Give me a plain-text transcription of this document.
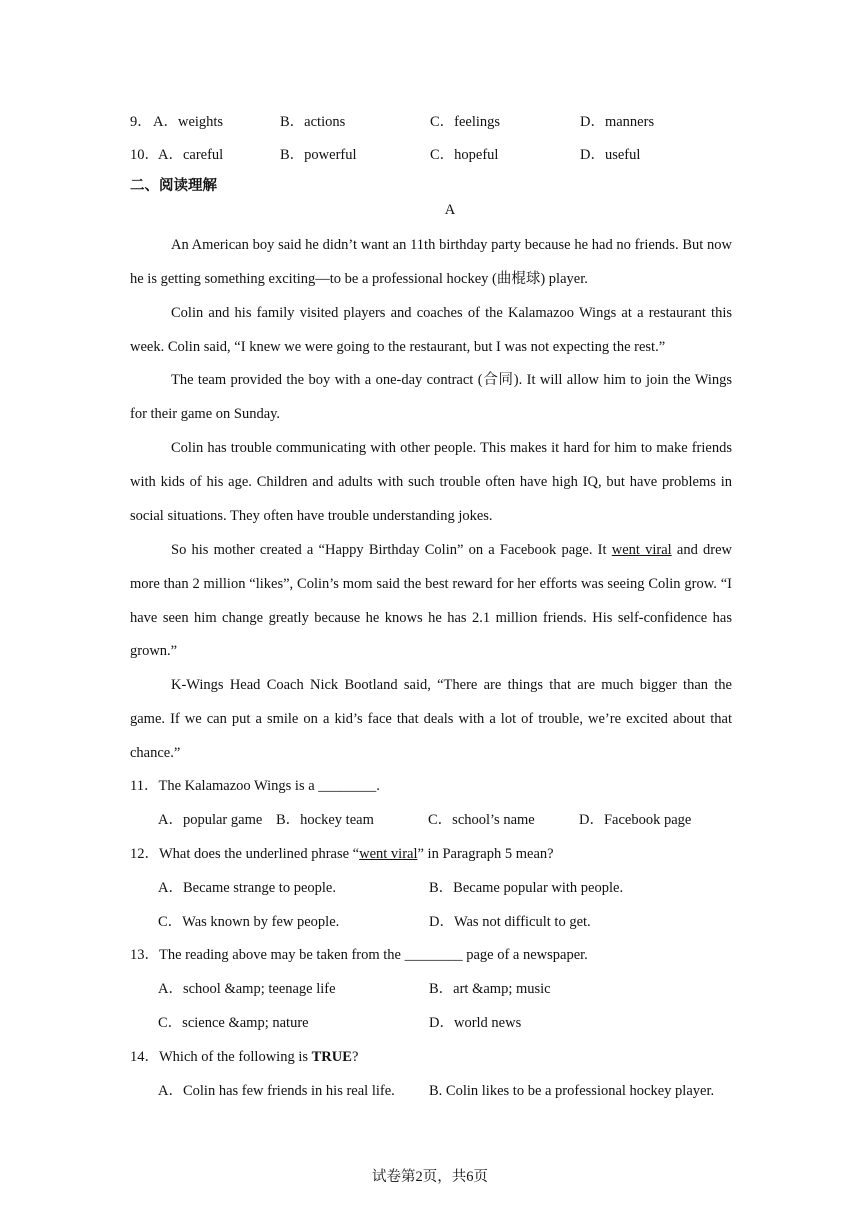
9． A．weights	B．actions	C．feelings	D．manners
10． A．careful	B．powerful	C．hopeful	D．useful
二、阅读理解
A

An American boy said he didn’t want an 11th birthday party because he had no friends. But now he is getting something exciting—to be a professional hockey (曲棍球) player.

Colin and his family visited players and coaches of the Kalamazoo Wings at a restaurant this week. Colin said, “I knew we were going to the restaurant, but I was not expecting the rest.”

The team provided the boy with a one-day contract (合同). It will allow him to join the Wings for their game on Sunday.

Colin has trouble communicating with other people. This makes it hard for him to make friends with kids of his age. Children and adults with such trouble often have high IQ, but have problems in social situations. They often have trouble understanding jokes.

So his mother created a “Happy Birthday Colin” on a Facebook page. It went viral and drew more than 2 million “likes”, Colin’s mom said the best reward for her efforts was seeing Colin grow. “I have seen him change greatly because he knows he has 2.1 million friends. His self-confidence has grown.”

K-Wings Head Coach Nick Bootland said, “There are things that are much bigger than the game. If we can put a smile on a kid’s face that deals with a lot of trouble, we’re excited about that chance.”

11．The Kalamazoo Wings is a ________.
A．popular game B．hockey team	C．school’s name	D．Facebook page
12．What does the underlined phrase “went viral” in Paragraph 5 mean?
A．Became strange to people.	B．Became popular with people.
C．Was known by few people.	D．Was not difficult to get.
13．The reading above may be taken from the ________ page of a newspaper.
A．school &amp; teenage life	B．art &amp; music
C．science &amp; nature	D．world news
14．Which of the following is TRUE?
A．Colin has few friends in his real life. B. Colin likes to be a professional hockey player.
试卷第2页，共6页
